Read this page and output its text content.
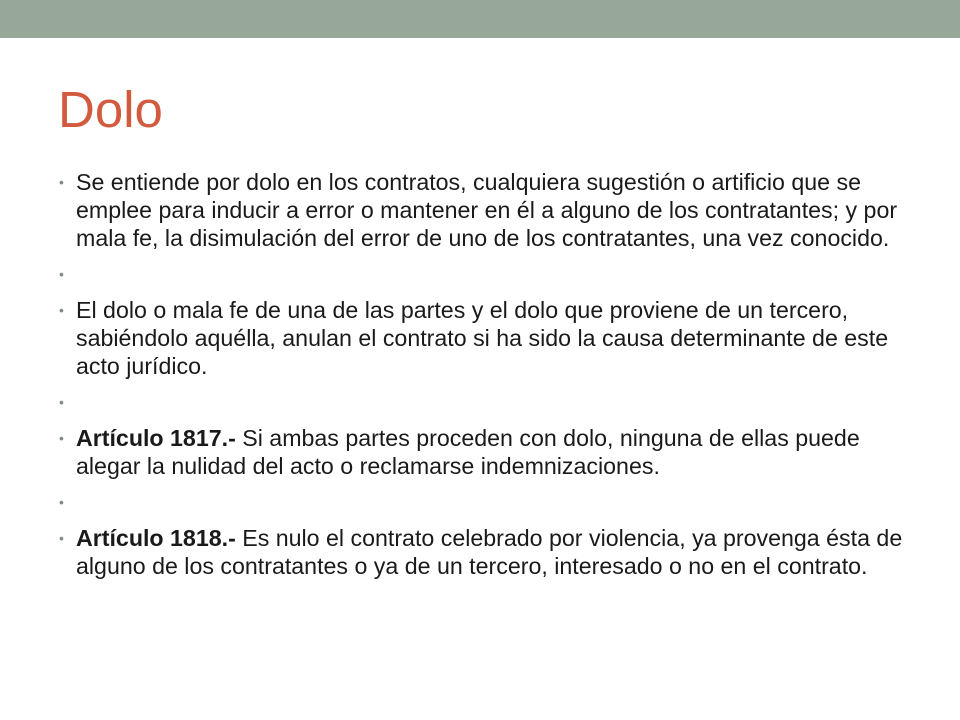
Dolo
• Se entiende por dolo en los contratos, cualquiera sugestión o artificio que se emplee para inducir a error o mantener en él a alguno de los contratantes; y por mala fe, la disimulación del error de uno de los contratantes, una vez conocido.
•
• El dolo o mala fe de una de las partes y el dolo que proviene de un tercero, sabiéndolo aquélla, anulan el contrato si ha sido la causa determinante de este acto jurídico.
•
• Artículo 1817.- Si ambas partes proceden con dolo, ninguna de ellas puede alegar la nulidad del acto o reclamarse indemnizaciones.
•
• Artículo 1818.- Es nulo el contrato celebrado por violencia, ya provenga ésta de alguno de los contratantes o ya de un tercero, interesado o no en el contrato.
